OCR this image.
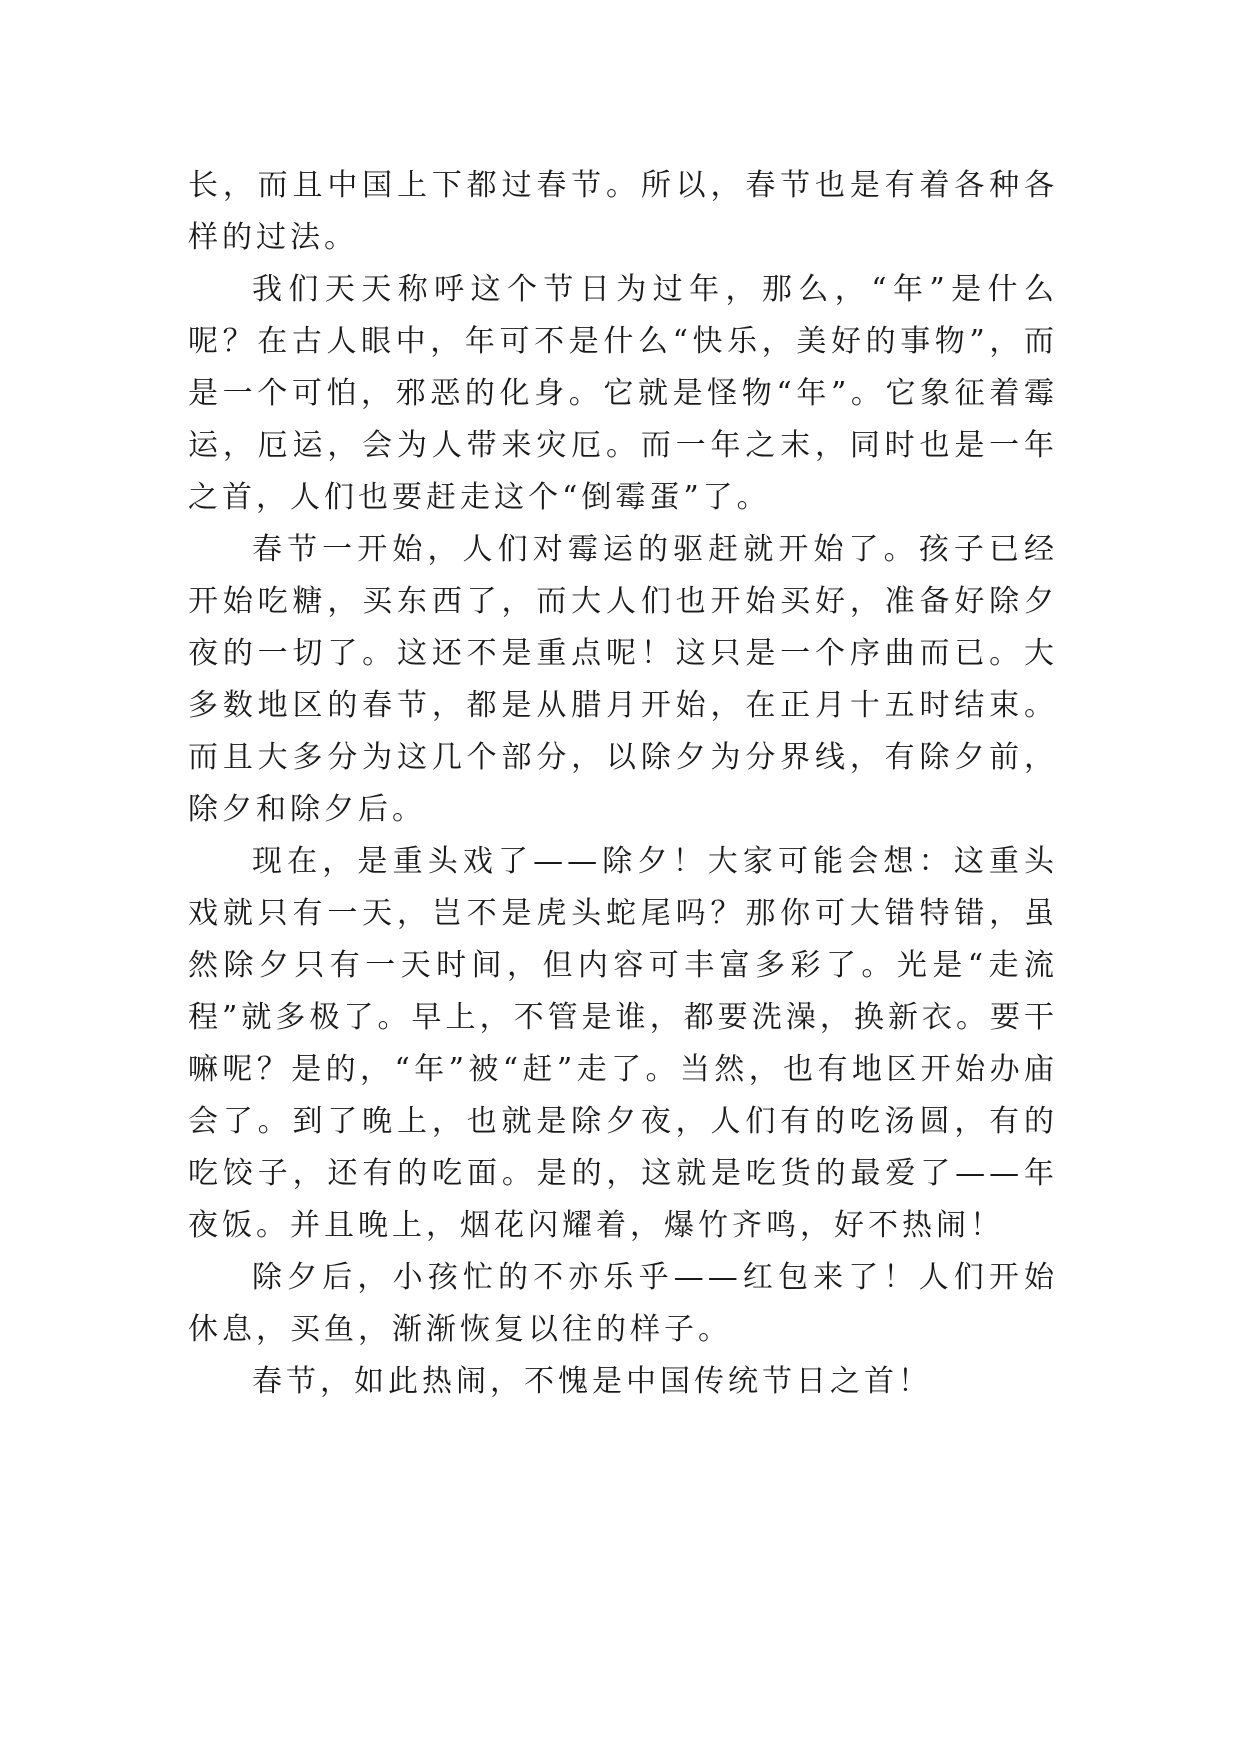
长，而且中国上下都过春节。所以，春节也是有着各种各样的过法。

我们天天称呼这个节日为过年，那么，“年”是什么呢？在古人眼中，年可不是什么“快乐，美好的事物”，而是一个可怕，邪恶的化身。它就是怪物“年”。它象征着霉运，厄运，会为人带来灾厄。而一年之末，同时也是一年之首，人们也要赶走这个“倒霉蛋”了。

春节一开始，人们对霉运的驱赶就开始了。孩子已经开始吃糖，买东西了，而大人们也开始买好，准备好除夕夜的一切了。这还不是重点呢！这只是一个序曲而已。大多数地区的春节，都是从腊月开始，在正月十五时结束。而且大多分为这几个部分，以除夕为分界线，有除夕前，除夕和除夕后。

现在，是重头戏了——除夕！大家可能会想：这重头戏就只有一天，岂不是虎头蛇尾吗？那你可大错特错，虽然除夕只有一天时间，但内容可丰富多彩了。光是“走流程”就多极了。早上，不管是谁，都要洗澡，换新衣。要干嘛呢？是的，“年”被“赶”走了。当然，也有地区开始办庙会了。到了晚上，也就是除夕夜，人们有的吃汤圆，有的吃饺子，还有的吃面。是的，这就是吃货的最爱了——年夜饭。并且晚上，烟花闪耀着，爆竹齐鸣，好不热闹！

除夕后，小孩忙的不亦乐乎——红包来了！人们开始休息，买鱼，渐渐恢复以往的样子。

春节，如此热闹，不愧是中国传统节日之首！
